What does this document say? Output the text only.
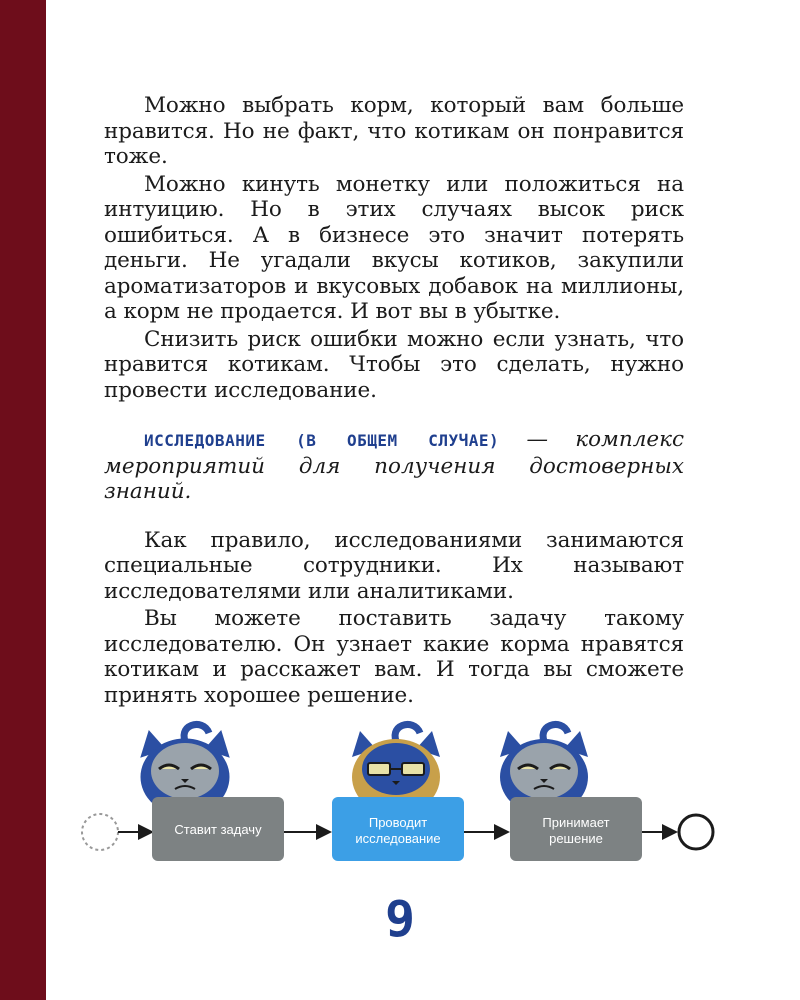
Можно выбрать корм, который вам больше нравится. Но не факт, что котикам он понравится тоже.

Можно кинуть монетку или положиться на интуицию. Но в этих случаях высок риск ошибиться. А в бизнесе это значит потерять деньги. Не угадали вкусы котиков, закупили ароматизаторов и вкусовых добавок на миллионы, а корм не продается. И вот вы в убытке.

Снизить риск ошибки можно если узнать, что нравится котикам. Чтобы это сделать, нужно провести исследование.

ИССЛЕДОВАНИЕ (В ОБЩЕМ СЛУЧАЕ) — комплекс мероприятий для получения достоверных знаний.

Как правило, исследованиями занимаются специальные сотрудники. Их называют исследователями или аналитиками.

Вы можете поставить задачу такому исследователю. Он узнает какие корма нравятся котикам и расскажет вам. И тогда вы сможете принять хорошее решение.

Ставит задачу	Проводит
исследование
Принимает
решение
9
